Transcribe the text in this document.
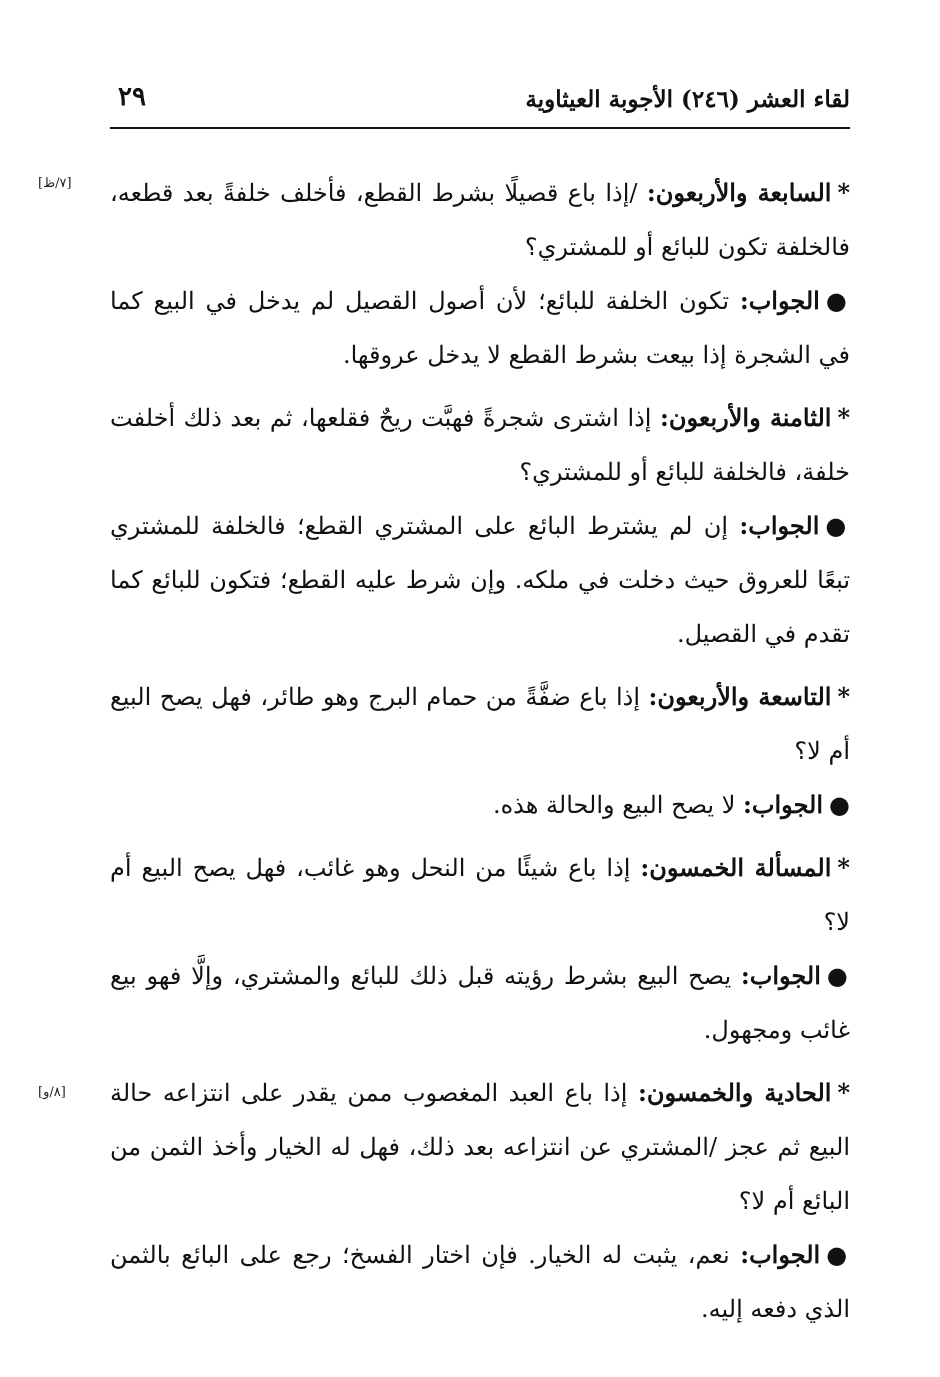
لقاء العشر (٢٤٦) الأجوبة العيثاوية
٢٩
[٧/ظ]
[٨/و]

*السابعة والأربعون: /إذا باع قصيلًا بشرط القطع، فأخلف خلفةً بعد قطعه، فالخلفة تكون للبائع أو للمشتري؟

●الجواب: تكون الخلفة للبائع؛ لأن أصول القصيل لم يدخل في البيع كما في الشجرة إذا بيعت بشرط القطع لا يدخل عروقها.

*الثامنة والأربعون: إذا اشترى شجرةً فهبَّت ريحٌ فقلعها، ثم بعد ذلك أخلفت خلفة، فالخلفة للبائع أو للمشتري؟

●الجواب: إن لم يشترط البائع على المشتري القطع؛ فالخلفة للمشتري تبعًا للعروق حيث دخلت في ملكه. وإن شرط عليه القطع؛ فتكون للبائع كما تقدم في القصيل.

*التاسعة والأربعون: إذا باع ضفَّةً من حمام البرج وهو طائر، فهل يصح البيع أم لا؟

●الجواب: لا يصح البيع والحالة هذه.

*المسألة الخمسون: إذا باع شيئًا من النحل وهو غائب، فهل يصح البيع أم لا؟

●الجواب: يصح البيع بشرط رؤيته قبل ذلك للبائع والمشتري، وإلَّا فهو بيع غائب ومجهول.

*الحادية والخمسون: إذا باع العبد المغصوب ممن يقدر على انتزاعه حالة البيع ثم عجز /المشتري عن انتزاعه بعد ذلك، فهل له الخيار وأخذ الثمن من البائع أم لا؟

●الجواب: نعم، يثبت له الخيار. فإن اختار الفسخ؛ رجع على البائع بالثمن الذي دفعه إليه.
